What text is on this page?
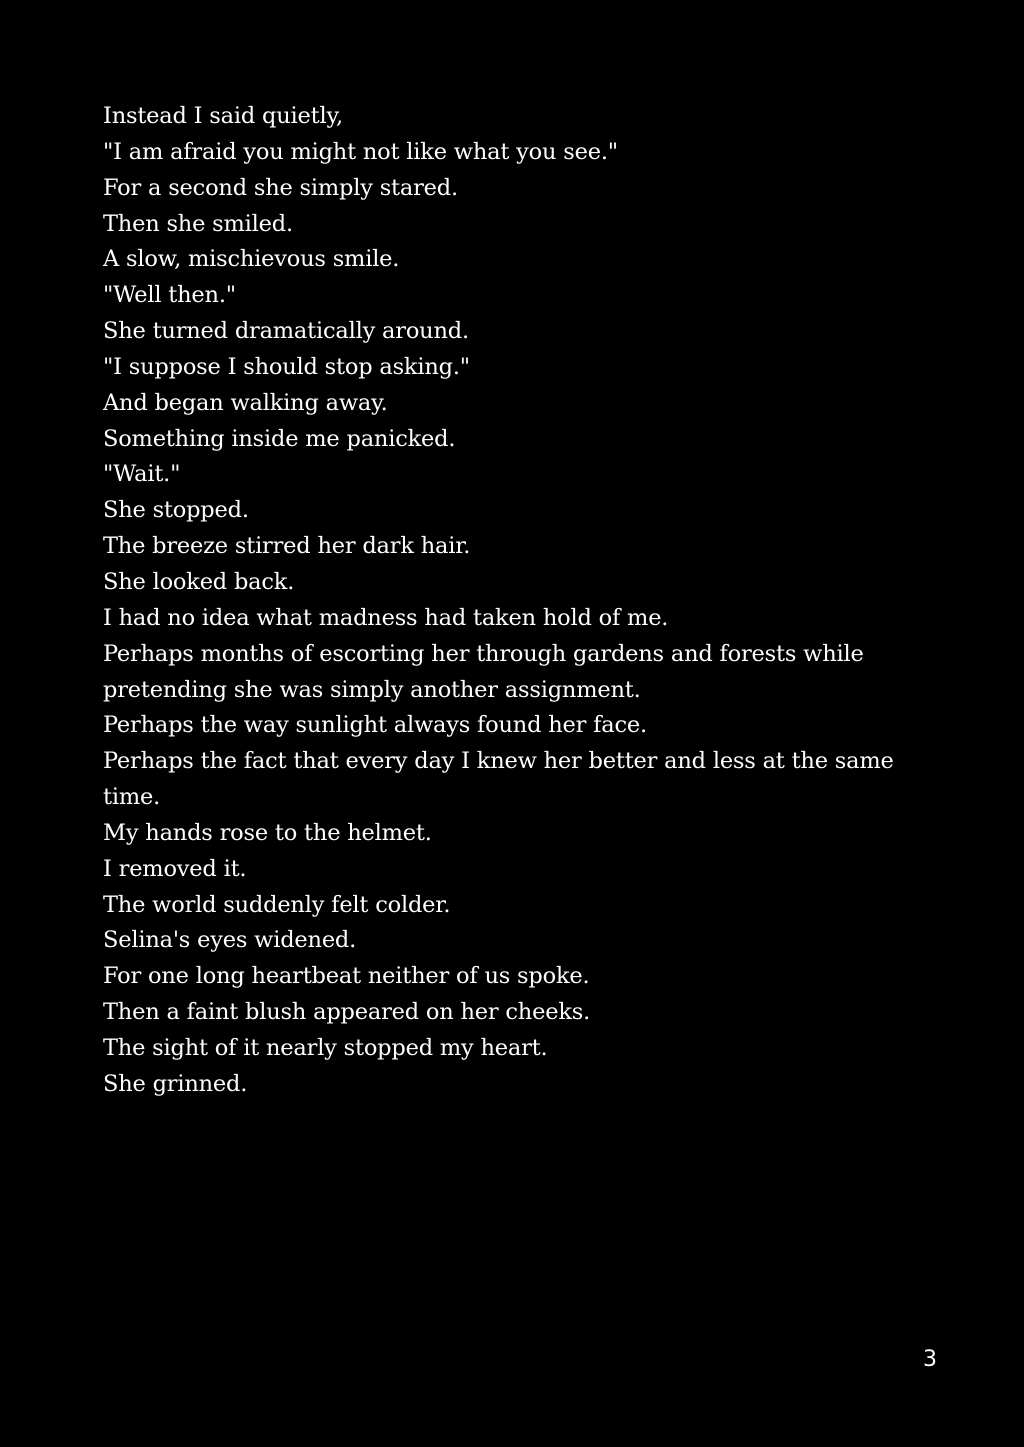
Instead I said quietly,
"I am afraid you might not like what you see."
For a second she simply stared.
Then she smiled.
A slow, mischievous smile.
"Well then."
She turned dramatically around.
"I suppose I should stop asking."
And began walking away.
Something inside me panicked.
"Wait."
She stopped.
The breeze stirred her dark hair.
She looked back.
I had no idea what madness had taken hold of me.
Perhaps months of escorting her through gardens and forests while
pretending she was simply another assignment.
Perhaps the way sunlight always found her face.
Perhaps the fact that every day I knew her better and less at the same
time.
My hands rose to the helmet.
I removed it.
The world suddenly felt colder.
Selina's eyes widened.
For one long heartbeat neither of us spoke.
Then a faint blush appeared on her cheeks.
The sight of it nearly stopped my heart.
She grinned.
3
